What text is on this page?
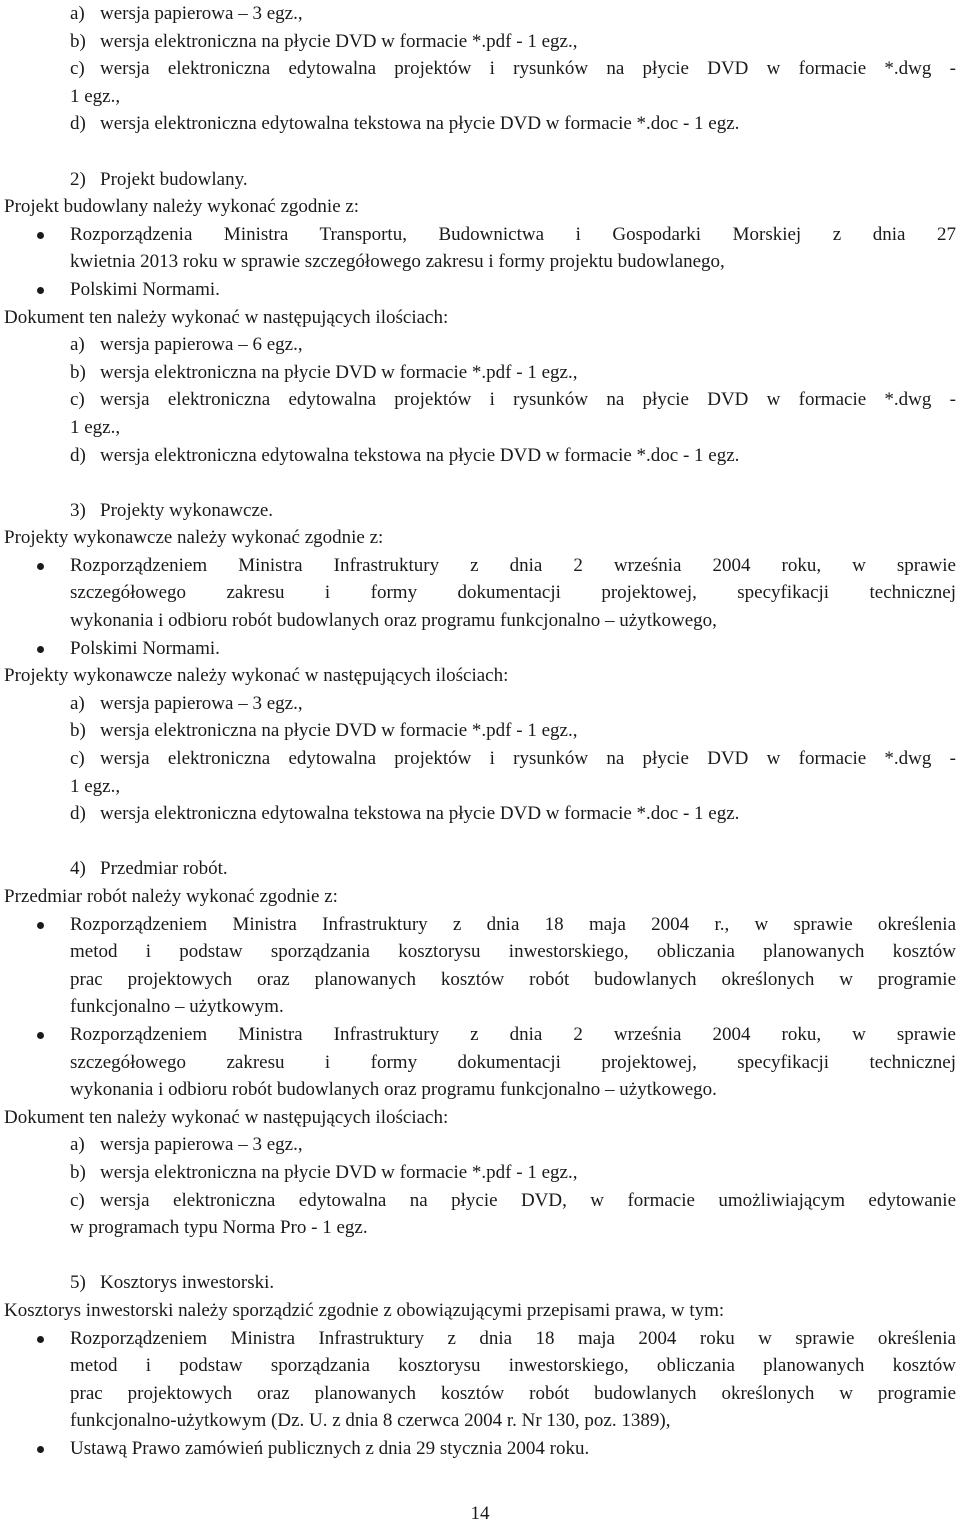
a) wersja papierowa – 3 egz.,
b) wersja elektroniczna na płycie DVD w formacie *.pdf - 1 egz.,
c) wersja elektroniczna edytowalna projektów i rysunków na płycie DVD w formacie *.dwg -
1 egz.,
d) wersja elektroniczna edytowalna tekstowa na płycie DVD w formacie *.doc - 1 egz.
2) Projekt budowlany.
Projekt budowlany należy wykonać zgodnie z:
Rozporządzenia Ministra Transportu, Budownictwa i Gospodarki Morskiej z dnia 27
kwietnia 2013 roku w sprawie szczegółowego zakresu i formy projektu budowlanego,
Polskimi Normami.
Dokument ten należy wykonać w następujących ilościach:
a) wersja papierowa – 6 egz.,
b) wersja elektroniczna na płycie DVD w formacie *.pdf - 1 egz.,
c) wersja elektroniczna edytowalna projektów i rysunków na płycie DVD w formacie *.dwg -
1 egz.,
d) wersja elektroniczna edytowalna tekstowa na płycie DVD w formacie *.doc - 1 egz.
3) Projekty wykonawcze.
Projekty wykonawcze należy wykonać zgodnie z:
Rozporządzeniem Ministra Infrastruktury z dnia 2 września 2004 roku, w sprawie
szczegółowego zakresu i formy dokumentacji projektowej, specyfikacji technicznej
wykonania i odbioru robót budowlanych oraz programu funkcjonalno – użytkowego,
Polskimi Normami.
Projekty wykonawcze należy wykonać w następujących ilościach:
a) wersja papierowa – 3 egz.,
b) wersja elektroniczna na płycie DVD w formacie *.pdf - 1 egz.,
c) wersja elektroniczna edytowalna projektów i rysunków na płycie DVD w formacie *.dwg -
1 egz.,
d) wersja elektroniczna edytowalna tekstowa na płycie DVD w formacie *.doc - 1 egz.
4) Przedmiar robót.
Przedmiar robót należy wykonać zgodnie z:
Rozporządzeniem Ministra Infrastruktury z dnia 18 maja 2004 r., w sprawie określenia
metod i podstaw sporządzania kosztorysu inwestorskiego, obliczania planowanych kosztów
prac projektowych oraz planowanych kosztów robót budowlanych określonych w programie
funkcjonalno – użytkowym.
Rozporządzeniem Ministra Infrastruktury z dnia 2 września 2004 roku, w sprawie
szczegółowego zakresu i formy dokumentacji projektowej, specyfikacji technicznej
wykonania i odbioru robót budowlanych oraz programu funkcjonalno – użytkowego.
Dokument ten należy wykonać w następujących ilościach:
a) wersja papierowa – 3 egz.,
b) wersja elektroniczna na płycie DVD w formacie *.pdf - 1 egz.,
c) wersja elektroniczna edytowalna na płycie DVD, w formacie umożliwiającym edytowanie
w programach typu Norma Pro - 1 egz.
5) Kosztorys inwestorski.
Kosztorys inwestorski należy sporządzić zgodnie z obowiązującymi przepisami prawa, w tym:
Rozporządzeniem Ministra Infrastruktury z dnia 18 maja 2004 roku w sprawie określenia
metod i podstaw sporządzania kosztorysu inwestorskiego, obliczania planowanych kosztów
prac projektowych oraz planowanych kosztów robót budowlanych określonych w programie
funkcjonalno-użytkowym (Dz. U. z dnia 8 czerwca 2004 r. Nr 130, poz. 1389),
Ustawą Prawo zamówień publicznych z dnia 29 stycznia 2004 roku.
14
